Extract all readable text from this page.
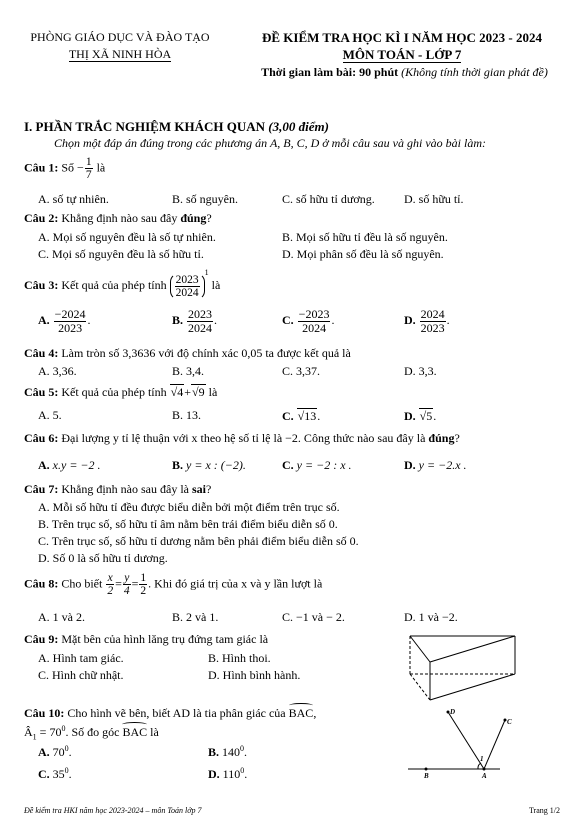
PHÒNG GIÁO DỤC VÀ ĐÀO TẠO
THỊ XÃ NINH HÒA
ĐỀ KIỂM TRA HỌC KÌ I NĂM HỌC 2023 - 2024
MÔN TOÁN - LỚP 7
Thời gian làm bài: 90 phút (Không tính thời gian phát đề)
I. PHẦN TRẮC NGHIỆM KHÁCH QUAN (3,00 điểm)
Chọn một đáp án đúng trong các phương án A, B, C, D ở mỗi câu sau và ghi vào bài làm:
Câu 1: Số − $\frac{1}{7}$ là
A. số tự nhiên.	B. số nguyên.	C. số hữu tỉ dương. D. số hữu tỉ.
Câu 2: Khẳng định nào sau đây đúng?
A. Mọi số nguyên đều là số tự nhiên.	B. Mọi số hữu tỉ đều là số nguyên.
C. Mọi số nguyên đều là số hữu tỉ.	D. Mọi phân số đều là số nguyên.
Câu 3: Kết quả của phép tính $\frac{2023}{2024}$
$^1$ là
A. $\frac{-2024}{2023}$ .	B. $\frac{2023}{2024}$ .	C. $\frac{-2023}{2024}$ .	D. $\frac{2024}{2023}$ .
Câu 4: Làm tròn số 3,3636 với độ chính xác 0,05 ta được kết quả là
A. 3,36.	B. 3,4.	C. 3,37.	D. 3,3.
Câu 5: Kết quả của phép tính √ 4+ √ 9 là
A. 5.	B. 13.	C. √ 13.	D. √ 5.
Câu 6: Đại lượng y tỉ lệ thuận với x theo hệ số tỉ lệ là −2. Công thức nào sau đây là đúng?
A. x.y = −2 .	B. y = x : (−2).	C. y = −2 : x .	D. y = −2.x .
Câu 7: Khẳng định nào sau đây là sai?
A. Mỗi số hữu tỉ đều được biểu diễn bởi một điểm trên trục số.
B. Trên trục số, số hữu tỉ âm nằm bên trái điểm biểu diễn số 0.
C. Trên trục số, số hữu tỉ dương nằm bên phải điểm biểu diễn số 0.
D. Số 0 là số hữu tỉ dương.
Câu 8: Cho biết $\frac{x}{2} = \frac{y}{4} = \frac{1}{2}$ . Khi đó giá trị của x và y lần lượt là
A. 1 và 2.	B. 2 và 1.	C. −1 và − 2.	D. 1 và −2.
Câu 9: Mặt bên của hình lăng trụ đứng tam giác là
A. Hình tam giác.	B. Hình thoi.
C. Hình chữ nhật.	D. Hình bình hành.
Câu 10: Cho hình vẽ bên, biết AD là tia phân giác của BAC,
$Â_1 = 70^0$. Số đo góc BAC là
A. $70^0$.	B. $140^0$.
C. $35^0$.	D. $110^0$.
D
C
B	A
1
Đề kiểm tra HKI năm học 2023-2024 – môn Toán lớp 7	Trang 1/2
